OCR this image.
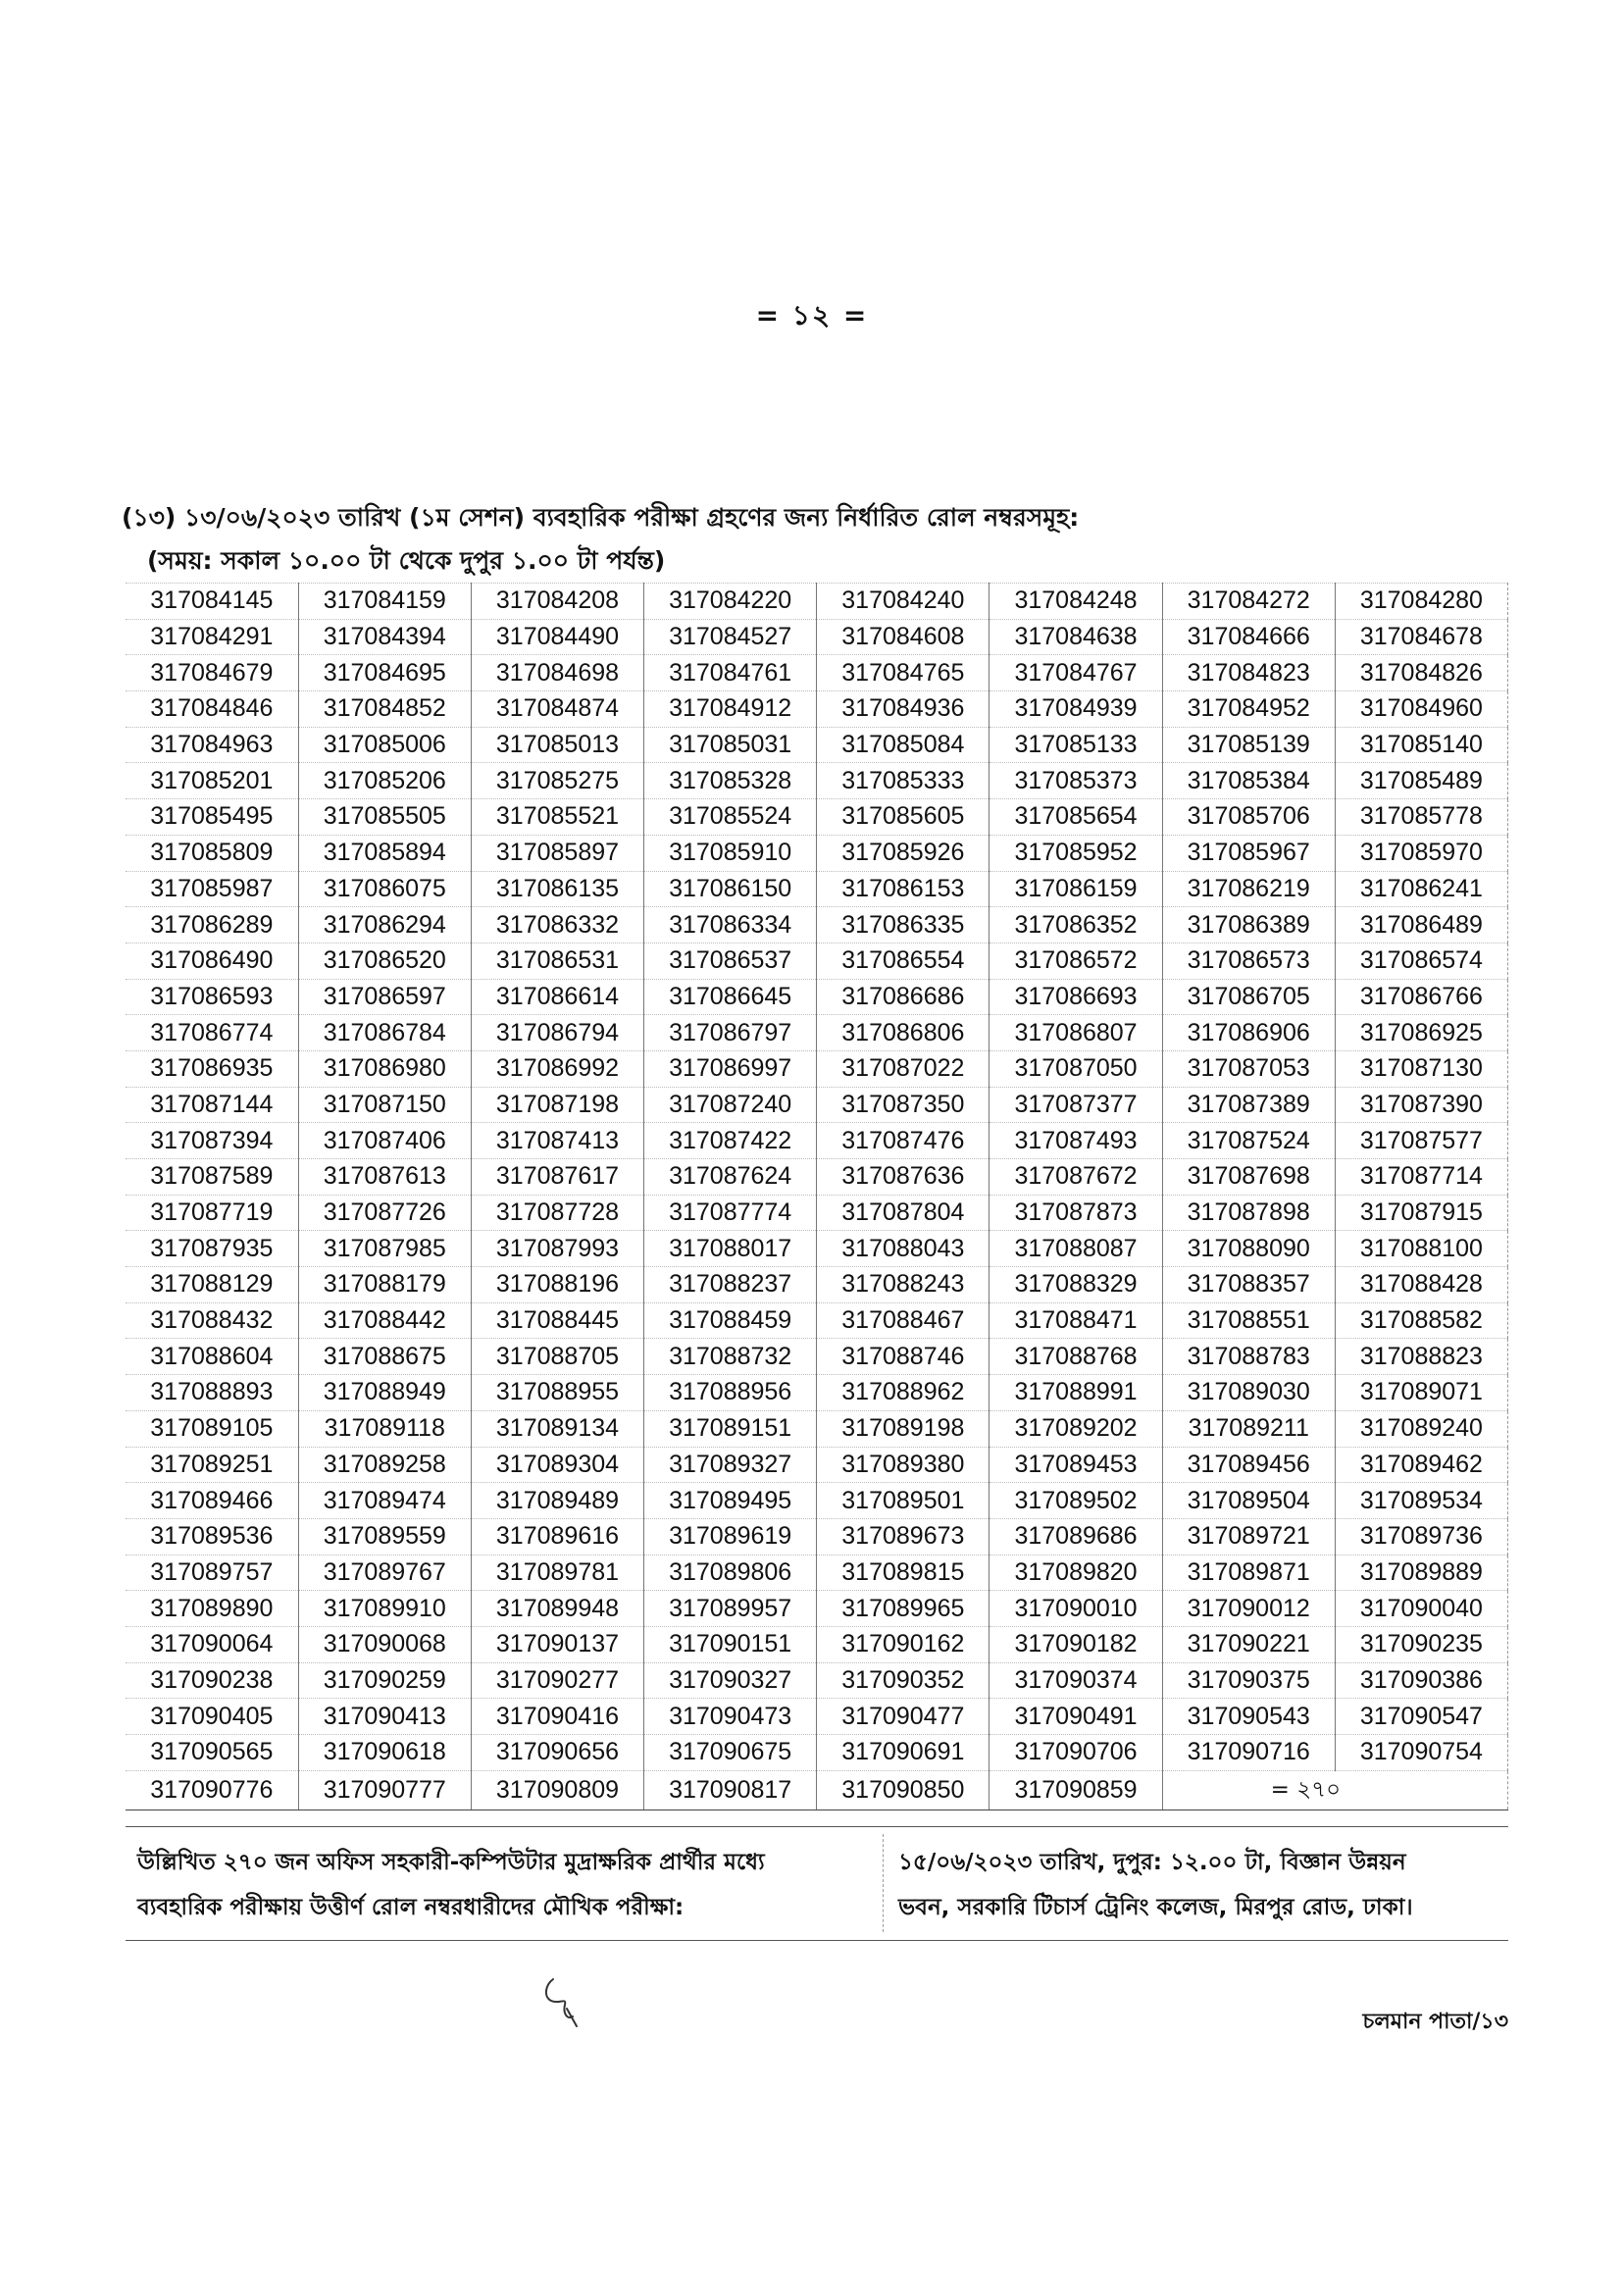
= ১২ =
(১৩) ১৩/০৬/২০২৩ তারিখ (১ম সেশন) ব্যবহারিক পরীক্ষা গ্রহণের জন্য নির্ধারিত রোল নম্বরসমূহ:
(সময়: সকাল ১০.০০ টা থেকে দুপুর ১.০০ টা পর্যন্ত)
317084145	317084159	317084208	317084220	317084240	317084248	317084272	317084280
317084291	317084394	317084490	317084527	317084608	317084638	317084666	317084678
317084679	317084695	317084698	317084761	317084765	317084767	317084823	317084826
317084846	317084852	317084874	317084912	317084936	317084939	317084952	317084960
317084963	317085006	317085013	317085031	317085084	317085133	317085139	317085140
317085201	317085206	317085275	317085328	317085333	317085373	317085384	317085489
317085495	317085505	317085521	317085524	317085605	317085654	317085706	317085778
317085809	317085894	317085897	317085910	317085926	317085952	317085967	317085970
317085987	317086075	317086135	317086150	317086153	317086159	317086219	317086241
317086289	317086294	317086332	317086334	317086335	317086352	317086389	317086489
317086490	317086520	317086531	317086537	317086554	317086572	317086573	317086574
317086593	317086597	317086614	317086645	317086686	317086693	317086705	317086766
317086774	317086784	317086794	317086797	317086806	317086807	317086906	317086925
317086935	317086980	317086992	317086997	317087022	317087050	317087053	317087130
317087144	317087150	317087198	317087240	317087350	317087377	317087389	317087390
317087394	317087406	317087413	317087422	317087476	317087493	317087524	317087577
317087589	317087613	317087617	317087624	317087636	317087672	317087698	317087714
317087719	317087726	317087728	317087774	317087804	317087873	317087898	317087915
317087935	317087985	317087993	317088017	317088043	317088087	317088090	317088100
317088129	317088179	317088196	317088237	317088243	317088329	317088357	317088428
317088432	317088442	317088445	317088459	317088467	317088471	317088551	317088582
317088604	317088675	317088705	317088732	317088746	317088768	317088783	317088823
317088893	317088949	317088955	317088956	317088962	317088991	317089030	317089071
317089105	317089118	317089134	317089151	317089198	317089202	317089211	317089240
317089251	317089258	317089304	317089327	317089380	317089453	317089456	317089462
317089466	317089474	317089489	317089495	317089501	317089502	317089504	317089534
317089536	317089559	317089616	317089619	317089673	317089686	317089721	317089736
317089757	317089767	317089781	317089806	317089815	317089820	317089871	317089889
317089890	317089910	317089948	317089957	317089965	317090010	317090012	317090040
317090064	317090068	317090137	317090151	317090162	317090182	317090221	317090235
317090238	317090259	317090277	317090327	317090352	317090374	317090375	317090386
317090405	317090413	317090416	317090473	317090477	317090491	317090543	317090547
317090565	317090618	317090656	317090675	317090691	317090706	317090716	317090754
317090776	317090777	317090809	317090817	317090850	317090859	= ২৭০	
উল্লিখিত ২৭০ জন অফিস সহকারী-কম্পিউটার মুদ্রাক্ষরিক প্রার্থীর মধ্যে
ব্যবহারিক পরীক্ষায় উত্তীর্ণ রোল নম্বরধারীদের মৌখিক পরীক্ষা:
১৫/০৬/২০২৩ তারিখ, দুপুর: ১২.০০ টা, বিজ্ঞান উন্নয়ন
ভবন, সরকারি টিচার্স ট্রেনিং কলেজ, মিরপুর রোড, ঢাকা।
চলমান পাতা/১৩
